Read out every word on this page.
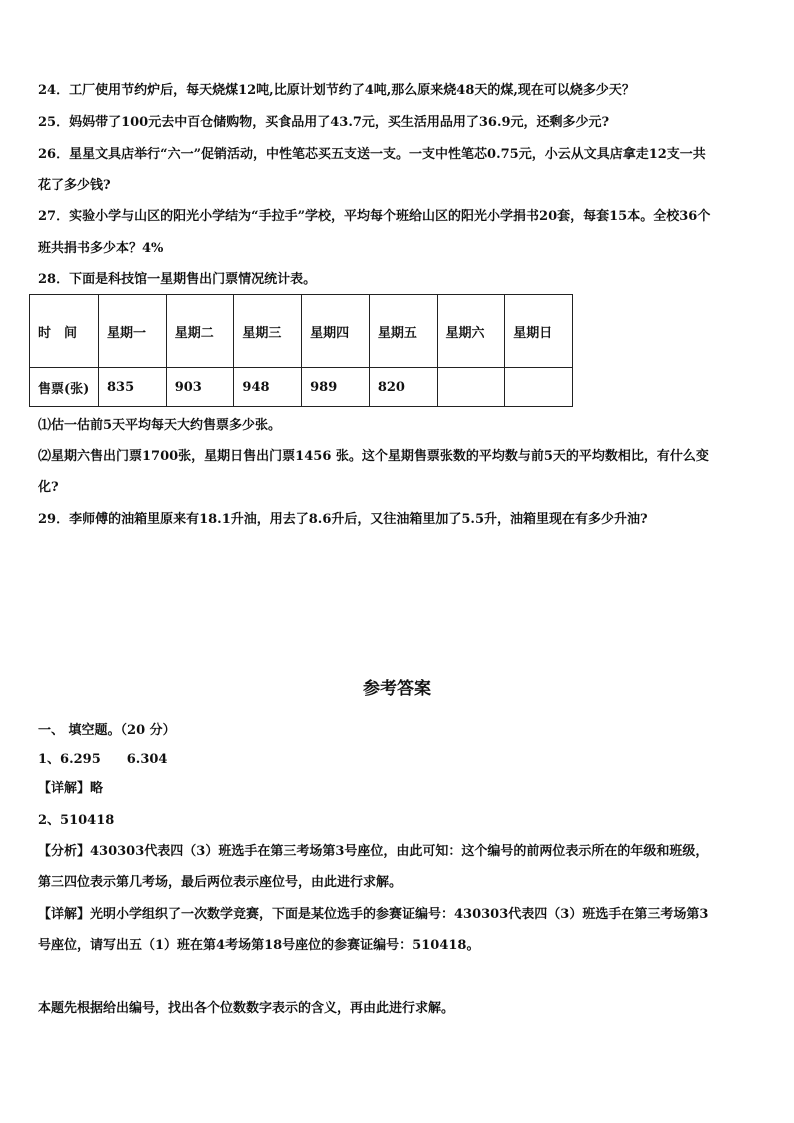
24．工厂使用节约炉后，每天烧煤12吨,比原计划节约了4吨,那么原来烧48天的煤,现在可以烧多少天？
25．妈妈带了100元去中百仓储购物，买食品用了43.7元，买生活用品用了36.9元，还剩多少元?
26．星星文具店举行“六一”促销活动，中性笔芯买五支送一支。一支中性笔芯0.75元，小云从文具店拿走12支一共
花了多少钱?
27．实验小学与山区的阳光小学结为“手拉手”学校，平均每个班给山区的阳光小学捐书20套，每套15本。全校36个
班共捐书多少本？4%
28．下面是科技馆一星期售出门票情况统计表。
时　间	星期一	星期二	星期三	星期四	星期五	星期六	星期日
售票(张)	835	903	948	989	820		
⑴估一估前5天平均每天大约售票多少张。
⑵星期六售出门票1700张，星期日售出门票1456 张。这个星期售票张数的平均数与前5天的平均数相比，有什么变
化?
29．李师傅的油箱里原来有18.1升油，用去了8.6升后，又往油箱里加了5.5升，油箱里现在有多少升油?
参考答案
一、 填空题。（20 分）
1、6.295　　6.304
【详解】略
2、510418
【分析】430303代表四（3）班选手在第三考场第3号座位，由此可知：这个编号的前两位表示所在的年级和班级，
第三四位表示第几考场，最后两位表示座位号，由此进行求解。
【详解】光明小学组织了一次数学竞赛，下面是某位选手的参赛证编号：430303代表四（3）班选手在第三考场第3
号座位，请写出五（1）班在第4考场第18号座位的参赛证编号：510418。
本题先根据给出编号，找出各个位数数字表示的含义，再由此进行求解。
